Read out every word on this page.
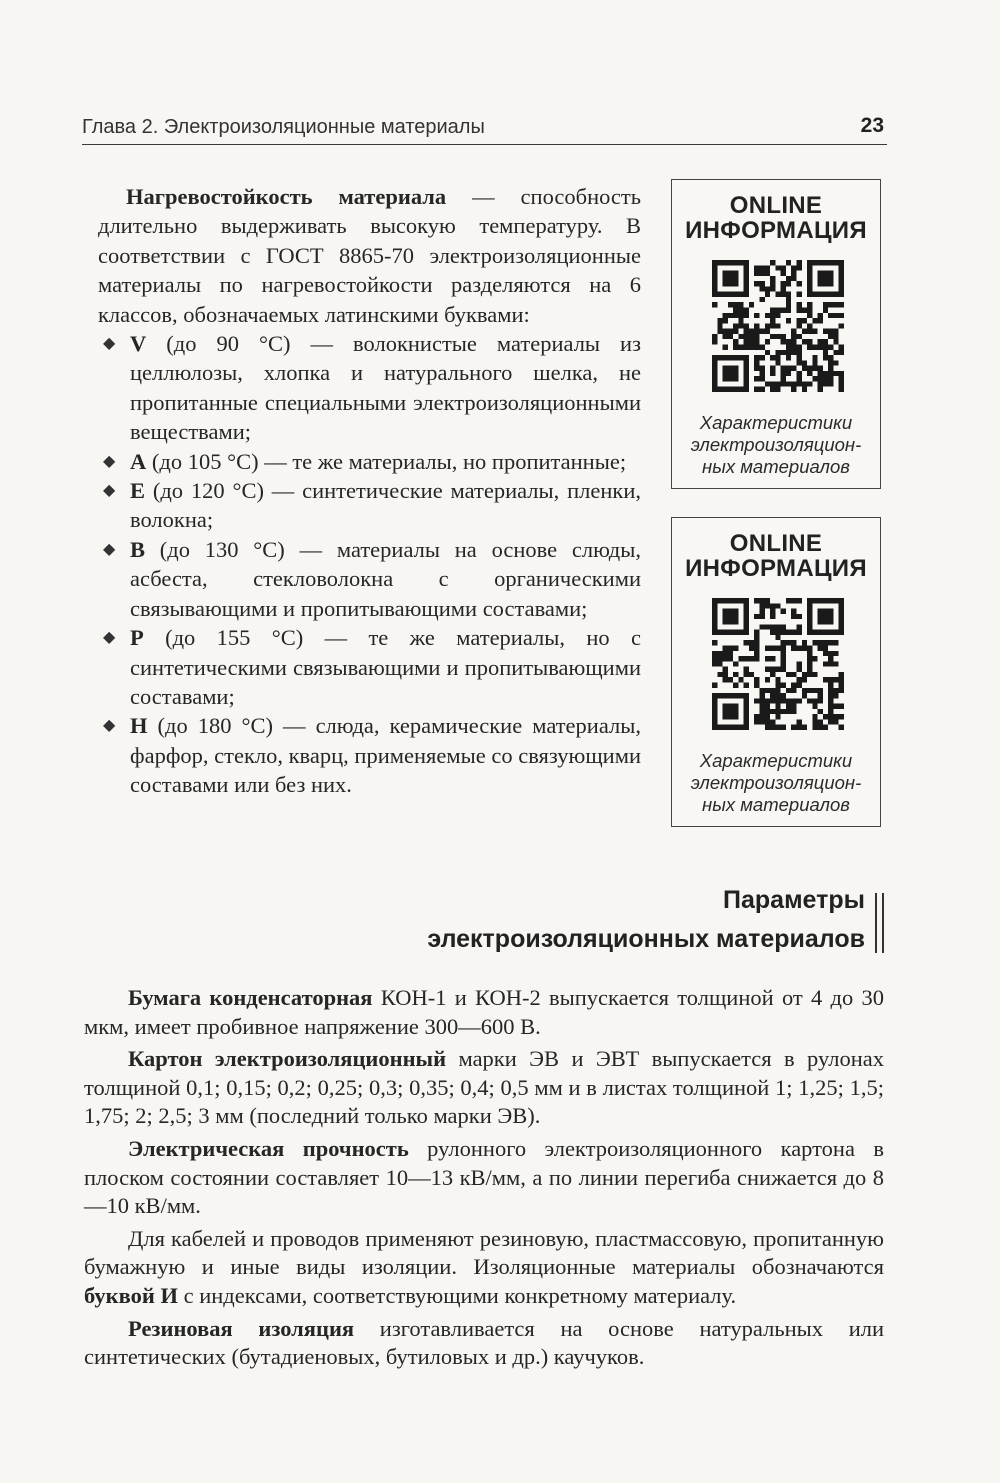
Глава 2. Электроизоляционные материалы	23

Нагревостойкость материала — способность длительно выдерживать высокую температуру. В соответствии с ГОСТ 8865-70 электроизоляционные материалы по нагревостойкости разделяются на 6 классов, обозначаемых латинскими буквами:

◆ V (до 90 °С) — волокнистые материалы из целлюлозы, хлопка и натурального шелка, не пропитанные специальными электроизоляционными веществами;
◆ A (до 105 °С) — те же материалы, но пропитанные;
◆ E (до 120 °С) — синтетические материалы, пленки, волокна;
◆ B (до 130 °С) — материалы на основе слюды, асбеста, стекловолокна с органическими связывающими и пропитывающими составами;
◆ P (до 155 °С) — те же материалы, но с синтетическими связывающими и пропитывающими составами;
◆ H (до 180 °С) — слюда, керамические материалы, фарфор, стекло, кварц, применяемые со связующими составами или без них.
ONLINE
ИНФОРМАЦИЯ
Характеристики
электроизоляцион-
ных материалов
ONLINE
ИНФОРМАЦИЯ
Характеристики
электроизоляцион-
ных материалов
Параметры
электроизоляционных материалов

Бумага конденсаторная КОН-1 и КОН-2 выпускается толщиной от 4 до 30 мкм, имеет пробивное напряжение 300—600 В.

Картон электроизоляционный марки ЭВ и ЭВТ выпускается в рулонах толщиной 0,1; 0,15; 0,2; 0,25; 0,3; 0,35; 0,4; 0,5 мм и в листах толщиной 1; 1,25; 1,5; 1,75; 2; 2,5; 3 мм (последний только марки ЭВ).

Электрическая прочность рулонного электроизоляционного картона в плоском состоянии составляет 10—13 кВ/мм, а по линии перегиба снижается до 8—10 кВ/мм.

Для кабелей и проводов применяют резиновую, пластмассовую, пропитанную бумажную и иные виды изоляции. Изоляционные материалы обозначаются буквой И с индексами, соответствующими конкретному материалу.

Резиновая изоляция изготавливается на основе натуральных или синтетических (бутадиеновых, бутиловых и др.) каучуков.
